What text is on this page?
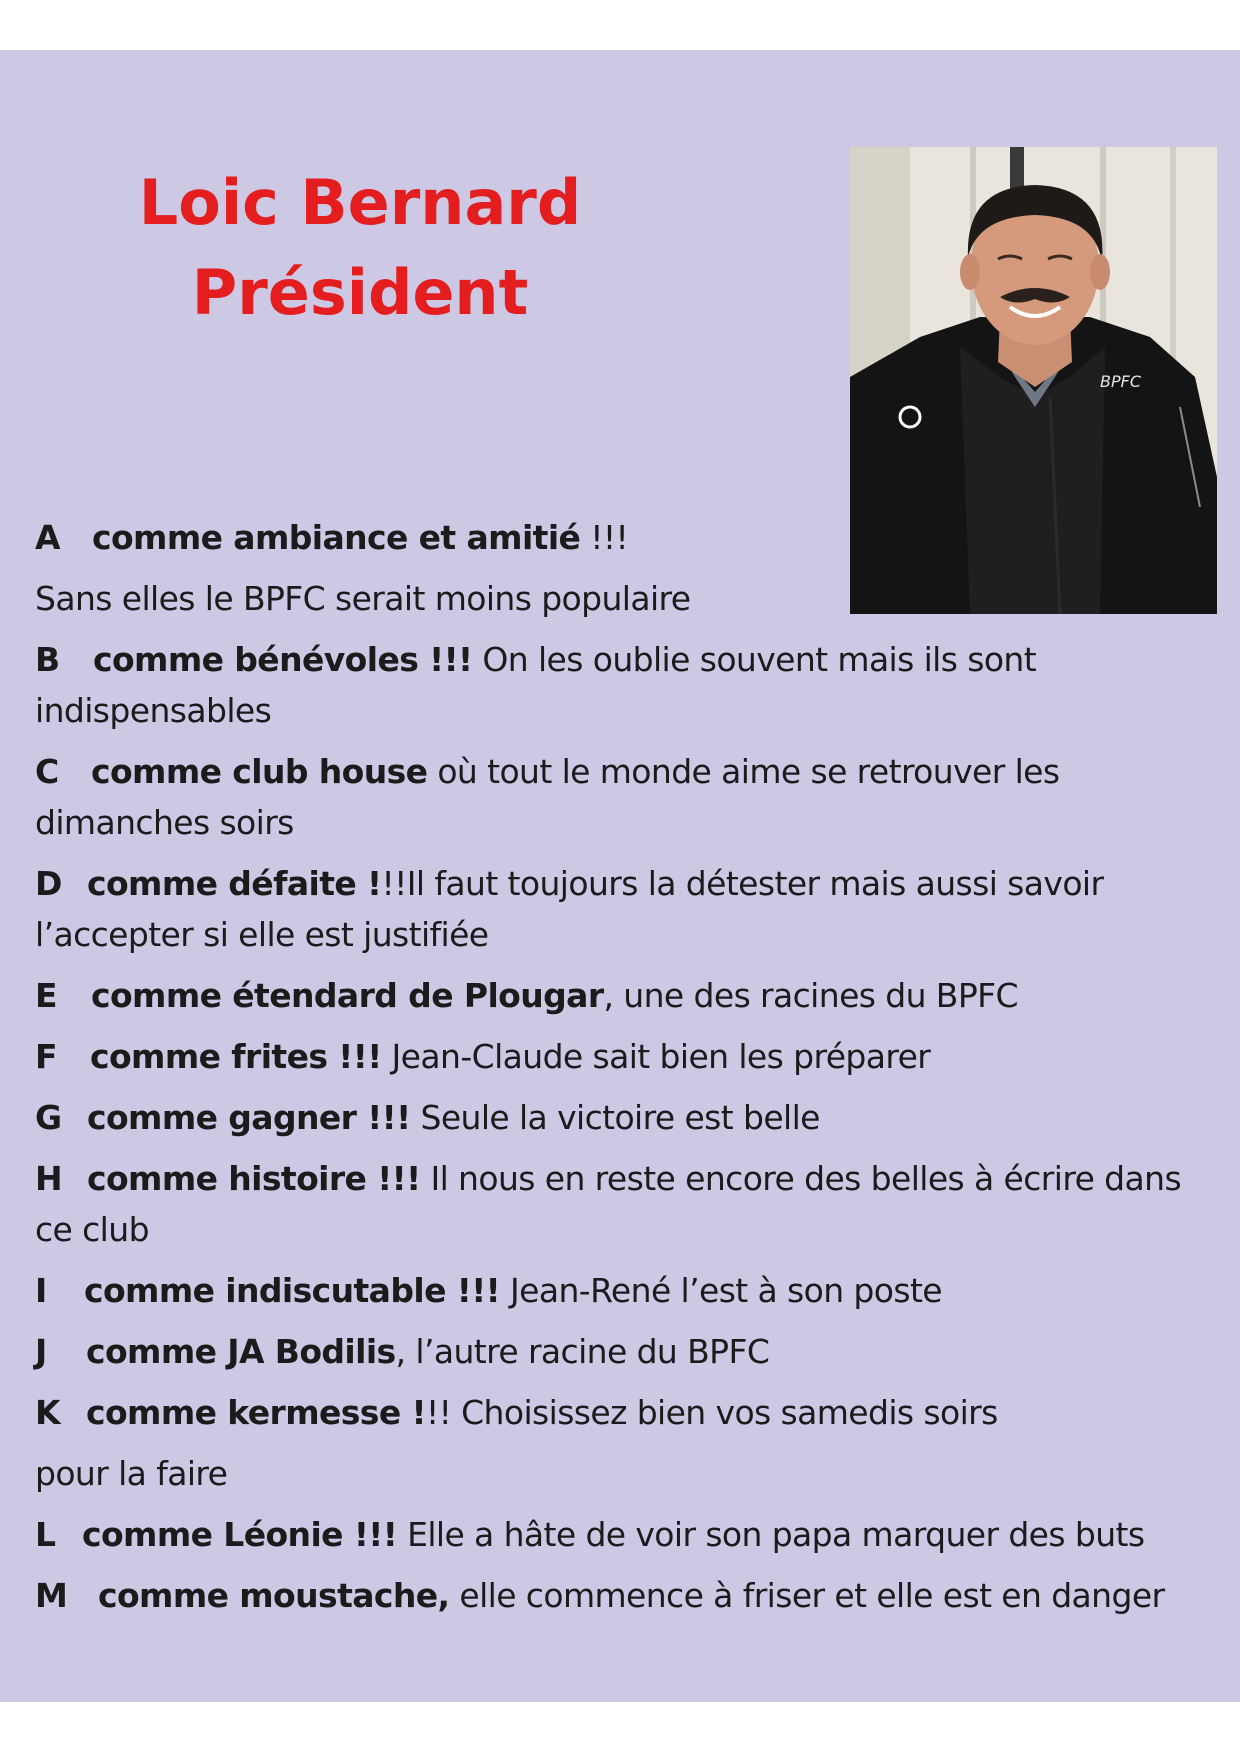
Loic Bernard
Président
BPFC
A comme ambiance et amitié !!!
Sans elles le BPFC serait moins populaire
B comme bénévoles !!! On les oublie souvent mais ils sont
indispensables
C comme club house où tout le monde aime se retrouver les
dimanches soirs
D comme défaite !!!Il faut toujours la détester mais aussi savoir
l’accepter si elle est justifiée
E comme étendard de Plougar, une des racines du BPFC
F comme frites !!! Jean-Claude sait bien les préparer
G comme gagner !!! Seule la victoire est belle
H comme histoire !!! Il nous en reste encore des belles à écrire dans
ce club
I comme indiscutable !!! Jean-René l’est à son poste
J comme JA Bodilis, l’autre racine du BPFC
K comme kermesse !!! Choisissez bien vos samedis soirs
pour la faire
L comme Léonie !!! Elle a hâte de voir son papa marquer des buts
M comme moustache, elle commence à friser et elle est en danger
